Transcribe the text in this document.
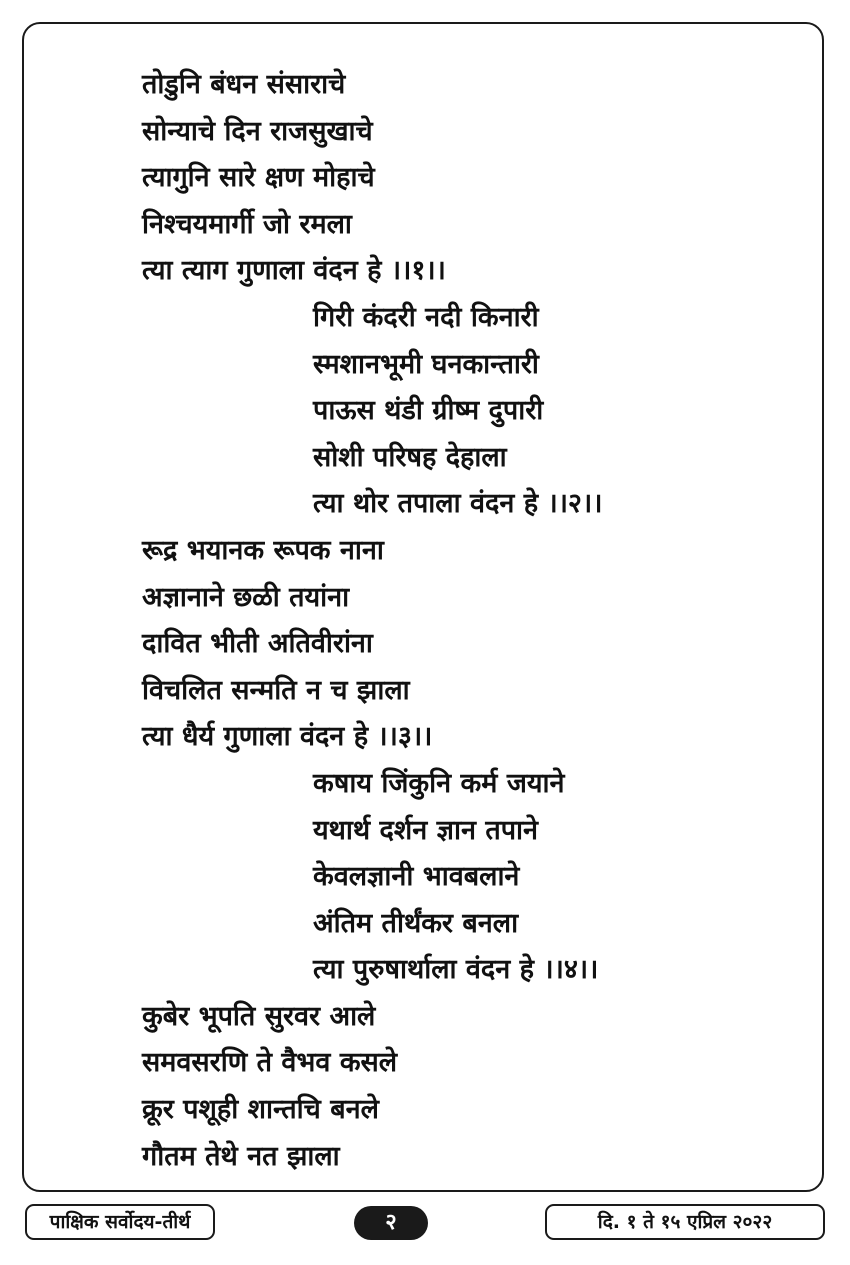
तोडुनि बंधन संसाराचे
सोन्याचे दिन राजसुखाचे
त्यागुनि सारे क्षण मोहाचे
निश्चयमार्गी जो रमला
त्या त्याग गुणाला वंदन हे ।।१।।
गिरी कंदरी नदी किनारी
स्मशानभूमी घनकान्तारी
पाऊस थंडी ग्रीष्म दुपारी
सोशी परिषह देहाला
त्या थोर तपाला वंदन हे ।।२।।
रूद्र भयानक रूपक नाना
अज्ञानाने छळी तयांना
दावित भीती अतिवीरांना
विचलित सन्मति न च झाला
त्या धैर्य गुणाला वंदन हे ।।३।।
कषाय जिंकुनि कर्म जयाने
यथार्थ दर्शन ज्ञान तपाने
केवलज्ञानी भावबलाने
अंतिम तीर्थंकर बनला
त्या पुरुषार्थाला वंदन हे ।।४।।
कुबेर भूपति सुरवर आले
समवसरणि ते वैभव कसले
क्रूर पशूही शान्तचि बनले
गौतम तेथे नत झाला
पाक्षिक सर्वोदय-तीर्थ	२	दि. १ ते १५ एप्रिल २०२२
